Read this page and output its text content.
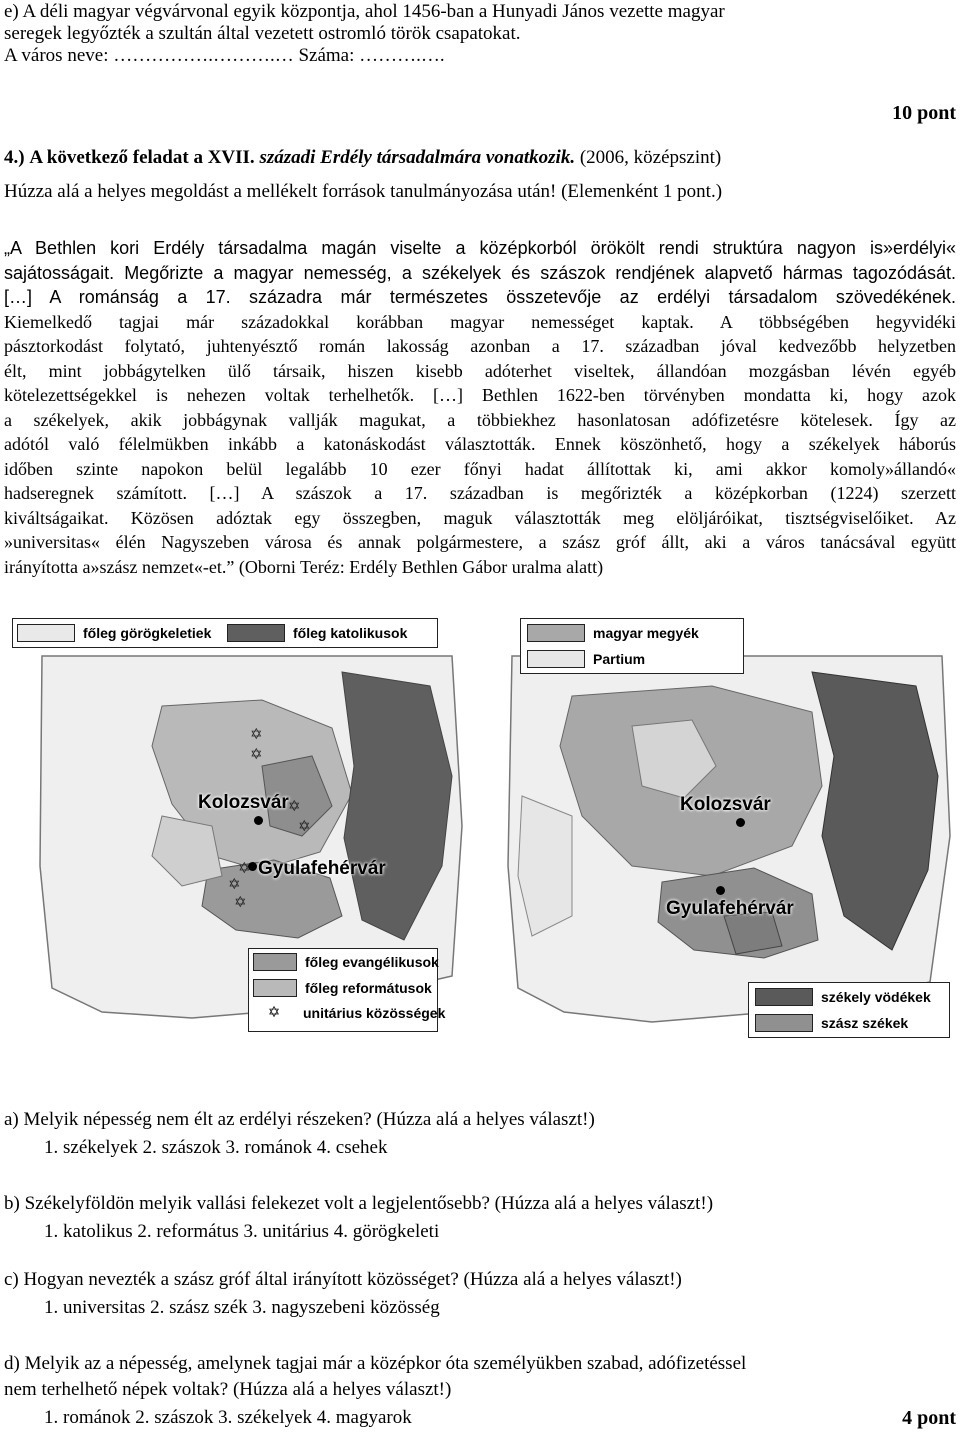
e) A déli magyar végvárvonal egyik központja, ahol 1456-ban a Hunyadi János vezette magyar
seregek legyőzték a szultán által vezetett ostromló török csapatokat.
A város neve: …………….……….… Száma: ……….….
10 pont
4.) A következő feladat a XVII. századi Erdély társadalmára vonatkozik. (2006, középszint)
Húzza alá a helyes megoldást a mellékelt források tanulmányozása után! (Elemenként 1 pont.)
„A Bethlen kori Erdély társadalma magán viselte a középkorból örökölt rendi struktúra nagyon is»erdélyi«
sajátosságait. Megőrizte a magyar nemesség, a székelyek és szászok rendjének alapvető hármas tagozódását.
[…] A románság a 17. századra már természetes összetevője az erdélyi társadalom szövedékének.
Kiemelkedő tagjai már századokkal korábban magyar nemességet kaptak. A többségében hegyvidéki
pásztorkodást folytató, juhtenyésztő román lakosság azonban a 17. században jóval kedvezőbb helyzetben
élt, mint jobbágytelken ülő társaik, hiszen kisebb adóterhet viseltek, állandóan mozgásban lévén egyéb
kötelezettségekkel is nehezen voltak terhelhetők. […] Bethlen 1622-ben törvényben mondatta ki, hogy azok
a székelyek, akik jobbágynak vallják magukat, a többiekhez hasonlatosan adófizetésre kötelesek. Így az
adótól való félelmükben inkább a katonáskodást választották. Ennek köszönhető, hogy a székelyek háborús
időben szinte napokon belül legalább 10 ezer főnyi hadat állítottak ki, ami akkor komoly»állandó«
hadseregnek számított. […] A szászok a 17. században is megőrizték a középkorban (1224) szerzett
kiváltságaikat. Közösen adóztak egy összegben, maguk választották meg elöljáróikat, tisztségviselőiket. Az
»universitas« élén Nagyszeben városa és annak polgármestere, a szász gróf állt, aki a város tanácsával együtt
irányította a»szász nemzet«-et.” (Oborni Teréz: Erdély Bethlen Gábor uralma alatt)
főleg görögkeletiek	főleg katolikusok
főleg evangélikusok
főleg reformátusok
✡	unitárius közösségek
magyar megyék
Partium
székely vödékek
szász székek
Kolozsvár
Gyulafehérvár
✡
✡
✡
✡
✡
✡
✡
Kolozsvár
Gyulafehérvár
a) Melyik népesség nem élt az erdélyi részeken? (Húzza alá a helyes választ!)
1. székelyek 2. szászok 3. románok 4. csehek
b) Székelyföldön melyik vallási felekezet volt a legjelentősebb? (Húzza alá a helyes választ!)
1. katolikus 2. református 3. unitárius 4. görögkeleti
c) Hogyan nevezték a szász gróf által irányított közösséget? (Húzza alá a helyes választ!)
1. universitas 2. szász szék 3. nagyszebeni közösség
d) Melyik az a népesség, amelynek tagjai már a középkor óta személyükben szabad, adófizetéssel
nem terhelhető népek voltak? (Húzza alá a helyes választ!)
1. románok 2. szászok 3. székelyek 4. magyarok	4 pont
